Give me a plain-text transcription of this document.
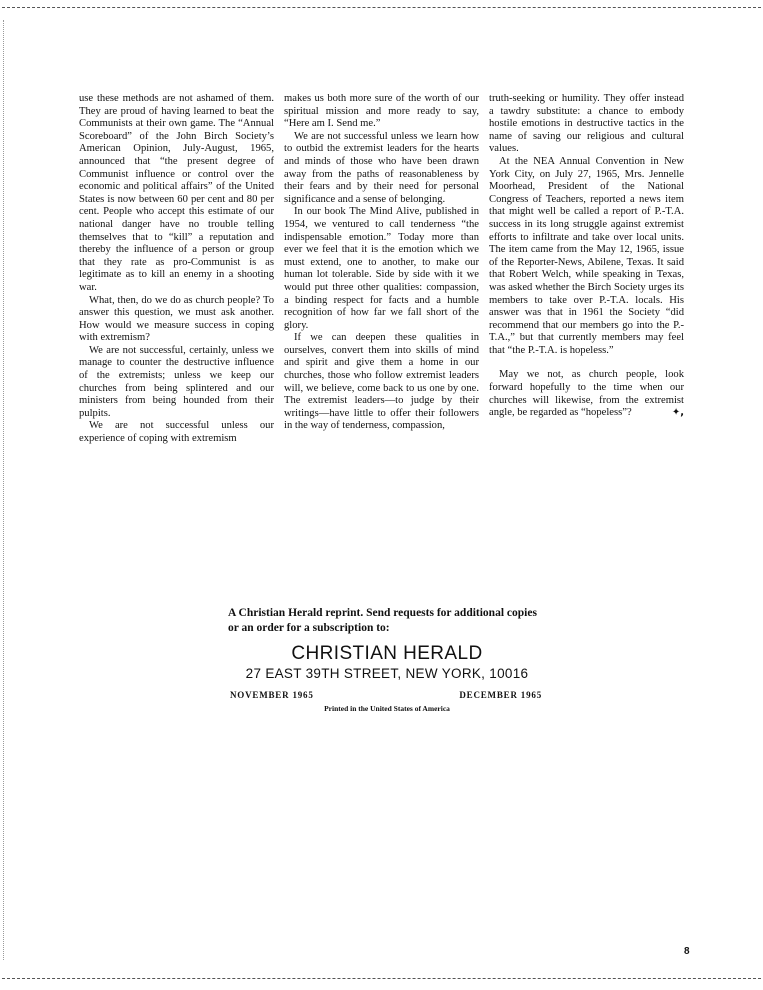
use these methods are not ashamed of them. They are proud of having learned to beat the Communists at their own game. The “Annual Scoreboard” of the John Birch Society’s American Opinion, July-August, 1965, announced that “the present degree of Communist influence or control over the economic and political affairs” of the United States is now between 60 per cent and 80 per cent. People who accept this estimate of our national danger have no trouble telling themselves that to “kill” a reputation and thereby the influence of a person or group that they rate as pro-Communist is as legitimate as to kill an enemy in a shooting war.

What, then, do we do as church people? To answer this question, we must ask another. How would we measure success in coping with extremism?

We are not successful, certainly, unless we manage to counter the destructive influence of the extremists; unless we keep our churches from being splintered and our ministers from being hounded from their pulpits.

We are not successful unless our experience of coping with extremism

makes us both more sure of the worth of our spiritual mission and more ready to say, “Here am I. Send me.”

We are not successful unless we learn how to outbid the extremist leaders for the hearts and minds of those who have been drawn away from the paths of reasonableness by their fears and by their need for personal significance and a sense of belonging.

In our book The Mind Alive, published in 1954, we ventured to call tenderness “the indispensable emotion.” Today more than ever we feel that it is the emotion which we must extend, one to another, to make our human lot tolerable. Side by side with it we would put three other qualities: compassion, a binding respect for facts and a humble recognition of how far we fall short of the glory.

If we can deepen these qualities in ourselves, convert them into skills of mind and spirit and give them a home in our churches, those who follow extremist leaders will, we believe, come back to us one by one. The extremist leaders—to judge by their writings—have little to offer their followers in the way of tenderness, compassion,

truth-seeking or humility. They offer instead a tawdry substitute: a chance to embody hostile emotions in destructive tactics in the name of saving our religious and cultural values.

At the NEA Annual Convention in New York City, on July 27, 1965, Mrs. Jennelle Moorhead, President of the National Congress of Teachers, reported a news item that might well be called a report of P.-T.A. success in its long struggle against extremist efforts to infiltrate and take over local units. The item came from the May 12, 1965, issue of the Reporter-News, Abilene, Texas. It said that Robert Welch, while speaking in Texas, was asked whether the Birch Society urges its members to take over P.-T.A. locals. His answer was that in 1961 the Society “did recommend that our members go into the P.-T.A.,” but that currently members may feel that “the P.-T.A. is hopeless.”

May we not, as church people, look forward hopefully to the time when our churches will likewise, from the extremist angle, be regarded as “hopeless”?	✦,

A Christian Herald reprint. Send requests for additional copies or an order for a subscription to:

CHRISTIAN HERALD

27 EAST 39TH STREET, NEW YORK, 10016

NOVEMBER 1965	DECEMBER 1965

Printed in the United States of America

8
